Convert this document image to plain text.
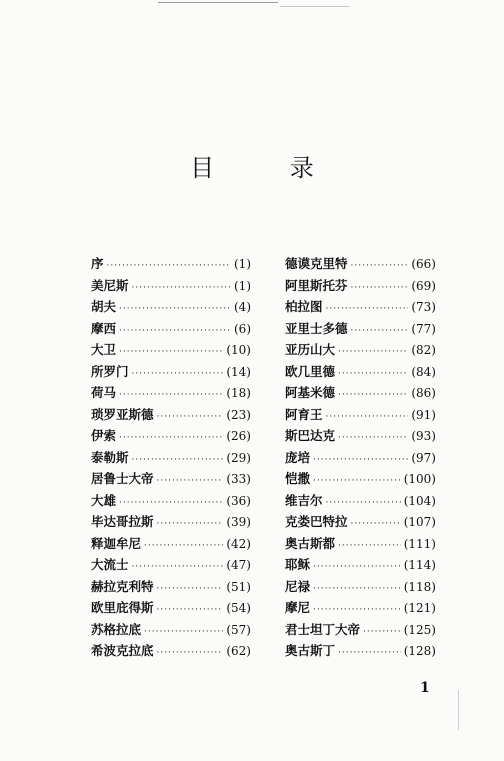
目 录
序 ·····	(1)
美尼斯 ·····	(1)
胡夫 ·····	(4)
摩西 ·····	(6)
大卫 ·····	(10)
所罗门 ·····	(14)
荷马 ·····	(18)
琐罗亚斯德 ·····	(23)
伊索 ·····	(26)
泰勒斯 ·····	(29)
居鲁士大帝 ·····	(33)
大雄 ·····	(36)
毕达哥拉斯 ·····	(39)
释迦牟尼 ·····	(42)
大流士 ·····	(47)
赫拉克利特 ·····	(51)
欧里庇得斯 ·····	(54)
苏格拉底 ·····	(57)
希波克拉底 ·····	(62)
德谟克里特 ·····	(66)
阿里斯托芬 ·····	(69)
柏拉图 ·····	(73)
亚里士多德 ·····	(77)
亚历山大 ·····	(82)
欧几里德 ·····	(84)
阿基米德 ·····	(86)
阿育王 ·····	(91)
斯巴达克 ·····	(93)
庞培 ·····	(97)
恺撒 ·····	(100)
维吉尔 ·····	(104)
克娄巴特拉 ·····	(107)
奥古斯都 ·····	(111)
耶稣 ·····	(114)
尼禄 ·····	(118)
摩尼 ·····	(121)
君士坦丁大帝 ·····	(125)
奥古斯丁 ·····	(128)
1
